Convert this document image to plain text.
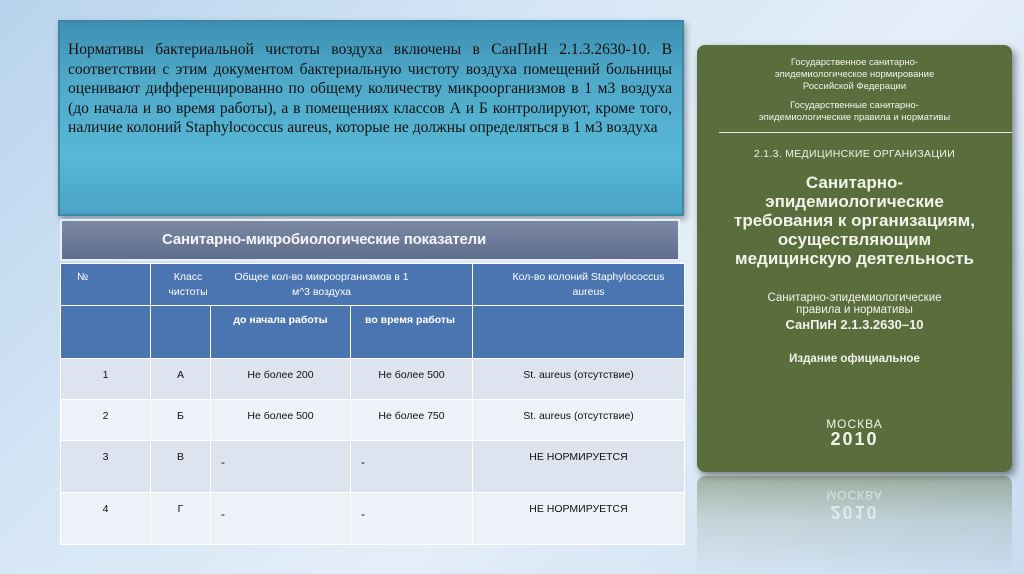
Нормативы бактериальной чистоты воздуха включены в СанПиН 2.1.3.2630-10. В соответствии с этим документом бактериальную чистоту воздуха помещений больницы оценивают дифференцированно по общему количеству микроорганизмов в 1 м3 воздуха (до начала и во время работы), а в помещениях классов А и Б контролируют, кроме того, наличие колоний Staphylococcus aureus, которые не должны определяться в 1 м3 воздуха

Санитарно-микробиологические показатели
№	Класс чистоты	Общее кол-во микроорганизмов в 1 м^3 воздуха		Кол-во колоний Staphylococcus aureus

		до начала работы	во время работы	

1	А	Не более 200	Не более 500	St. aureus (отсутствие)

2	Б	Не более 500	Не более 750	St. aureus (отсутствие)

3	В	-	-	НЕ НОРМИРУЕТСЯ

4	Г	-	-	НЕ НОРМИРУЕТСЯ
Государственное санитарно-эпидемиологическое нормирование Российской Федерации
Государственные санитарно-эпидемиологические правила и нормативы
2.1.3. МЕДИЦИНСКИЕ ОРГАНИЗАЦИИ
Санитарно-эпидемиологические требования к организациям, осуществляющим медицинскую деятельность
Санитарно-эпидемиологические правила и нормативы
СанПиН 2.1.3.2630–10
Издание официальное
МОСКВА
2010
2010
МОСКВА
